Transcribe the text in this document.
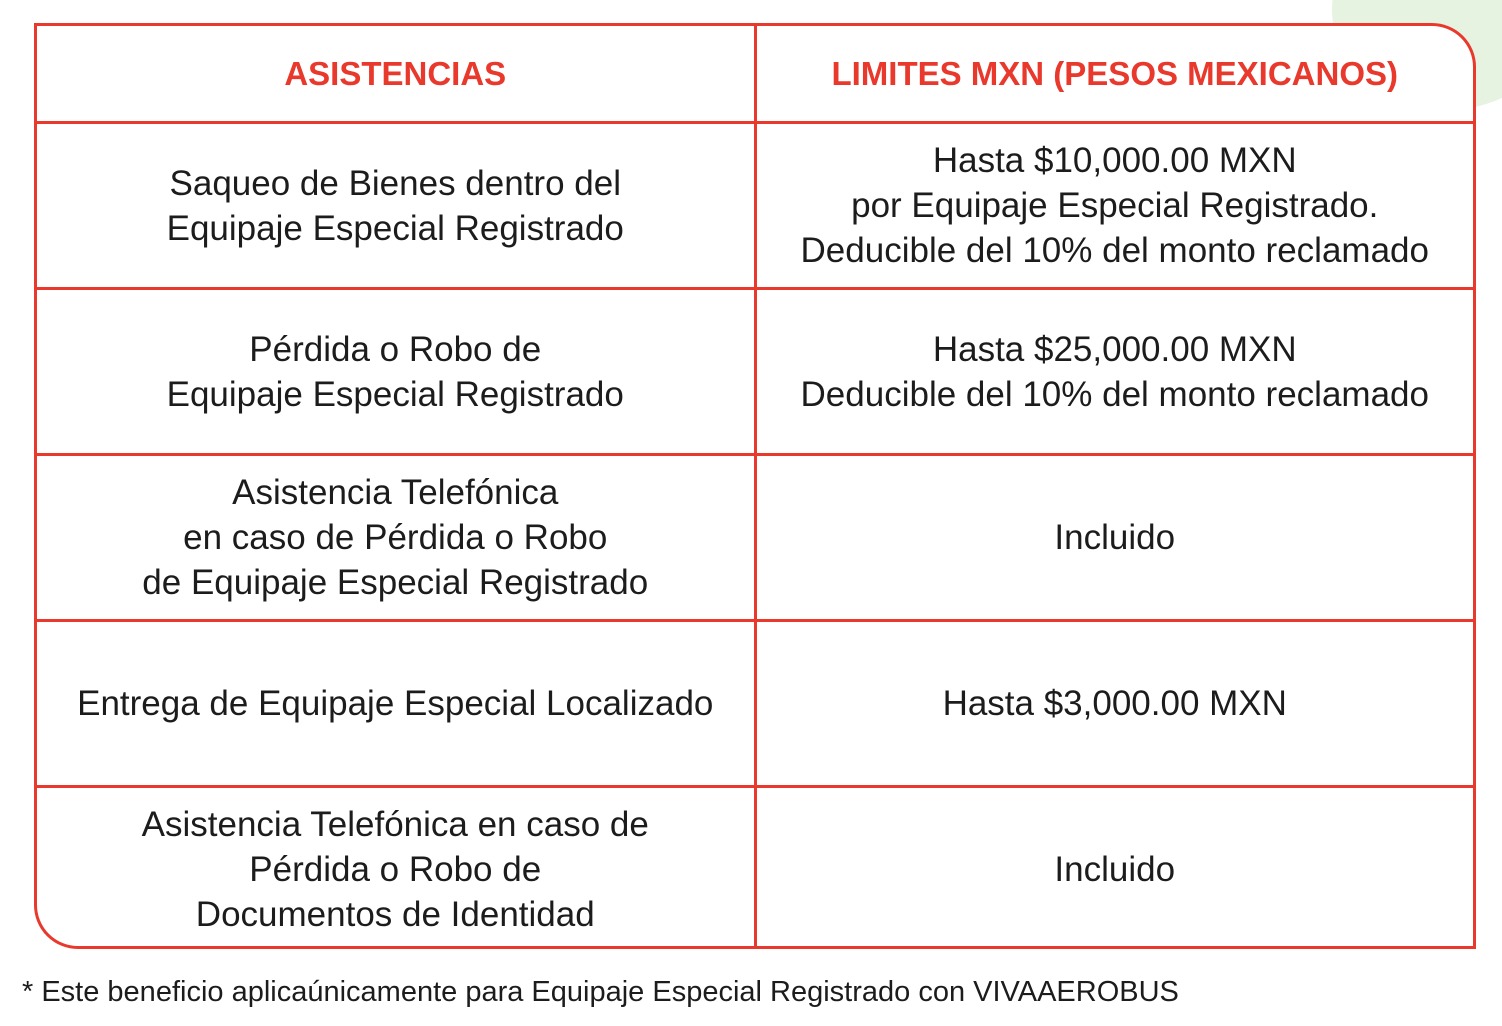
ASISTENCIAS	LIMITES MXN (PESOS MEXICANOS)

Saqueo de Bienes dentro del
Equipaje Especial Registrado	Hasta $10,000.00 MXN
por Equipaje Especial Registrado.
Deducible del 10% del monto reclamado

Pérdida o Robo de
Equipaje Especial Registrado	Hasta $25,000.00 MXN
Deducible del 10% del monto reclamado

Asistencia Telefónica
en caso de Pérdida o Robo
de Equipaje Especial Registrado	Incluido

Entrega de Equipaje Especial Localizado	Hasta $3,000.00 MXN

Asistencia Telefónica en caso de
Pérdida o Robo de
Documentos de Identidad	Incluido
* Este beneficio aplicaúnicamente para Equipaje Especial Registrado con VIVAAEROBUS
